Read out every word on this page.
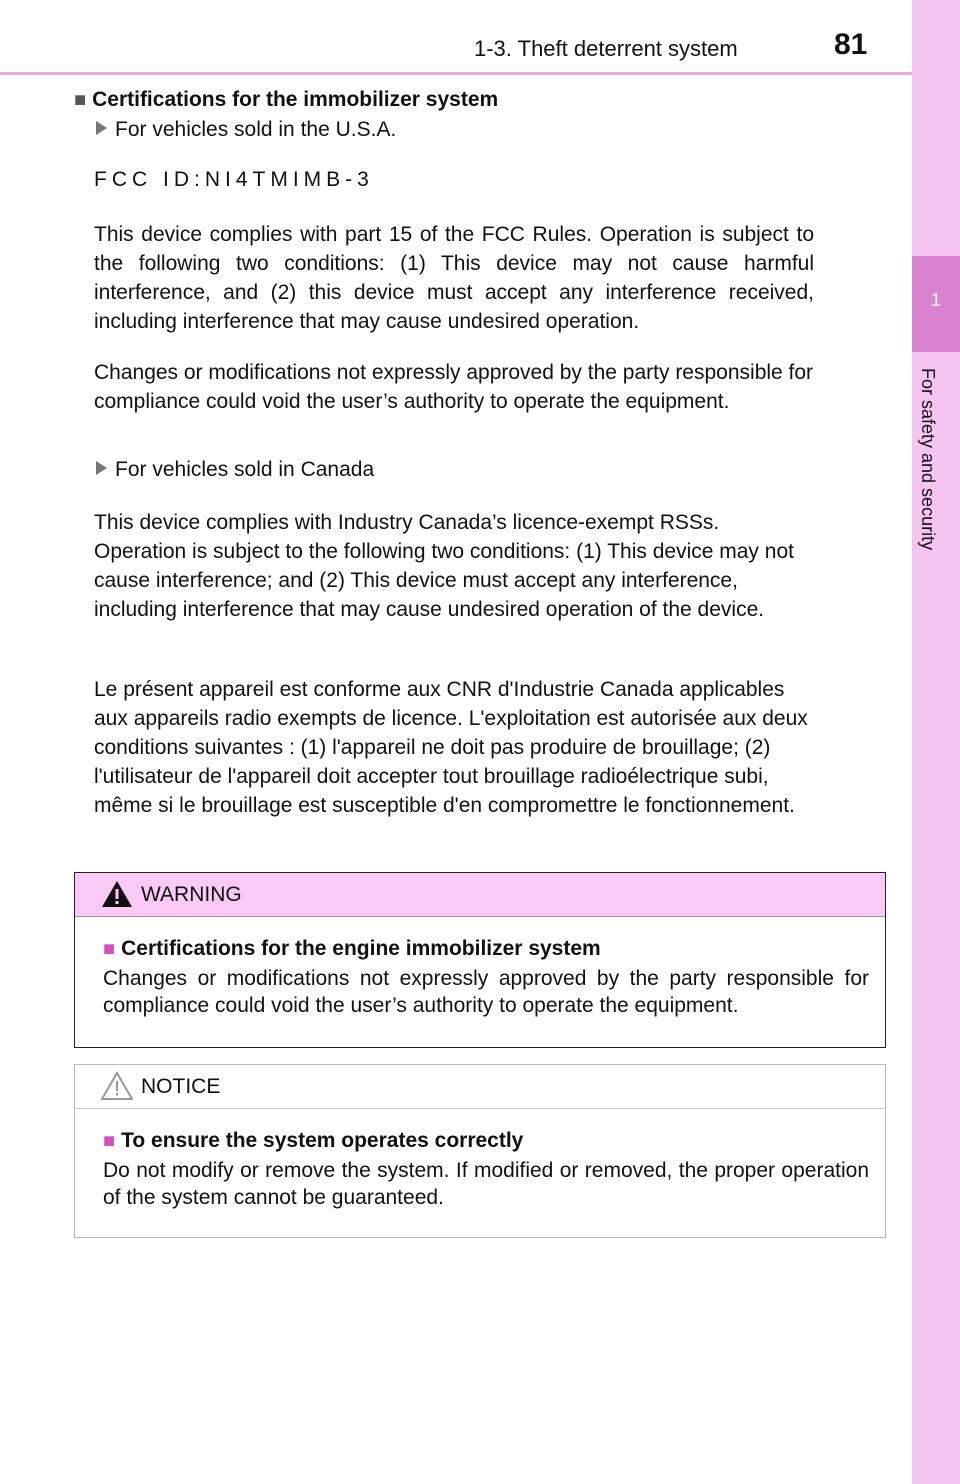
1-3. Theft deterrent system	81
1
For safety and security
■ Certifications for the immobilizer system
For vehicles sold in the U.S.A.
FCC ID:NI4TMIMB-3

This device complies with part 15 of the FCC Rules. Operation is subject to the following two conditions: (1) This device may not cause harmful interference, and (2) this device must accept any interference received, including interference that may cause undesired operation.

Changes or modifications not expressly approved by the party responsible for compliance could void the user’s authority to operate the equipment.

For vehicles sold in Canada

This device complies with Industry Canada’s licence-exempt RSSs. Operation is subject to the following two conditions: (1) This device may not cause interference; and (2) This device must accept any interference, including interference that may cause undesired operation of the device.

Le présent appareil est conforme aux CNR d'Industrie Canada applicables aux appareils radio exempts de licence. L'exploitation est autorisée aux deux conditions suivantes : (1) l'appareil ne doit pas produire de brouillage; (2) l'utilisateur de l'appareil doit accepter tout brouillage radioélectrique subi, même si le brouillage est susceptible d'en compromettre le fonctionnement.

WARNING

■ Certifications for the engine immobilizer system

Changes or modifications not expressly approved by the party responsible for compliance could void the user’s authority to operate the equipment.

NOTICE

■ To ensure the system operates correctly

Do not modify or remove the system. If modified or removed, the proper operation of the system cannot be guaranteed.
